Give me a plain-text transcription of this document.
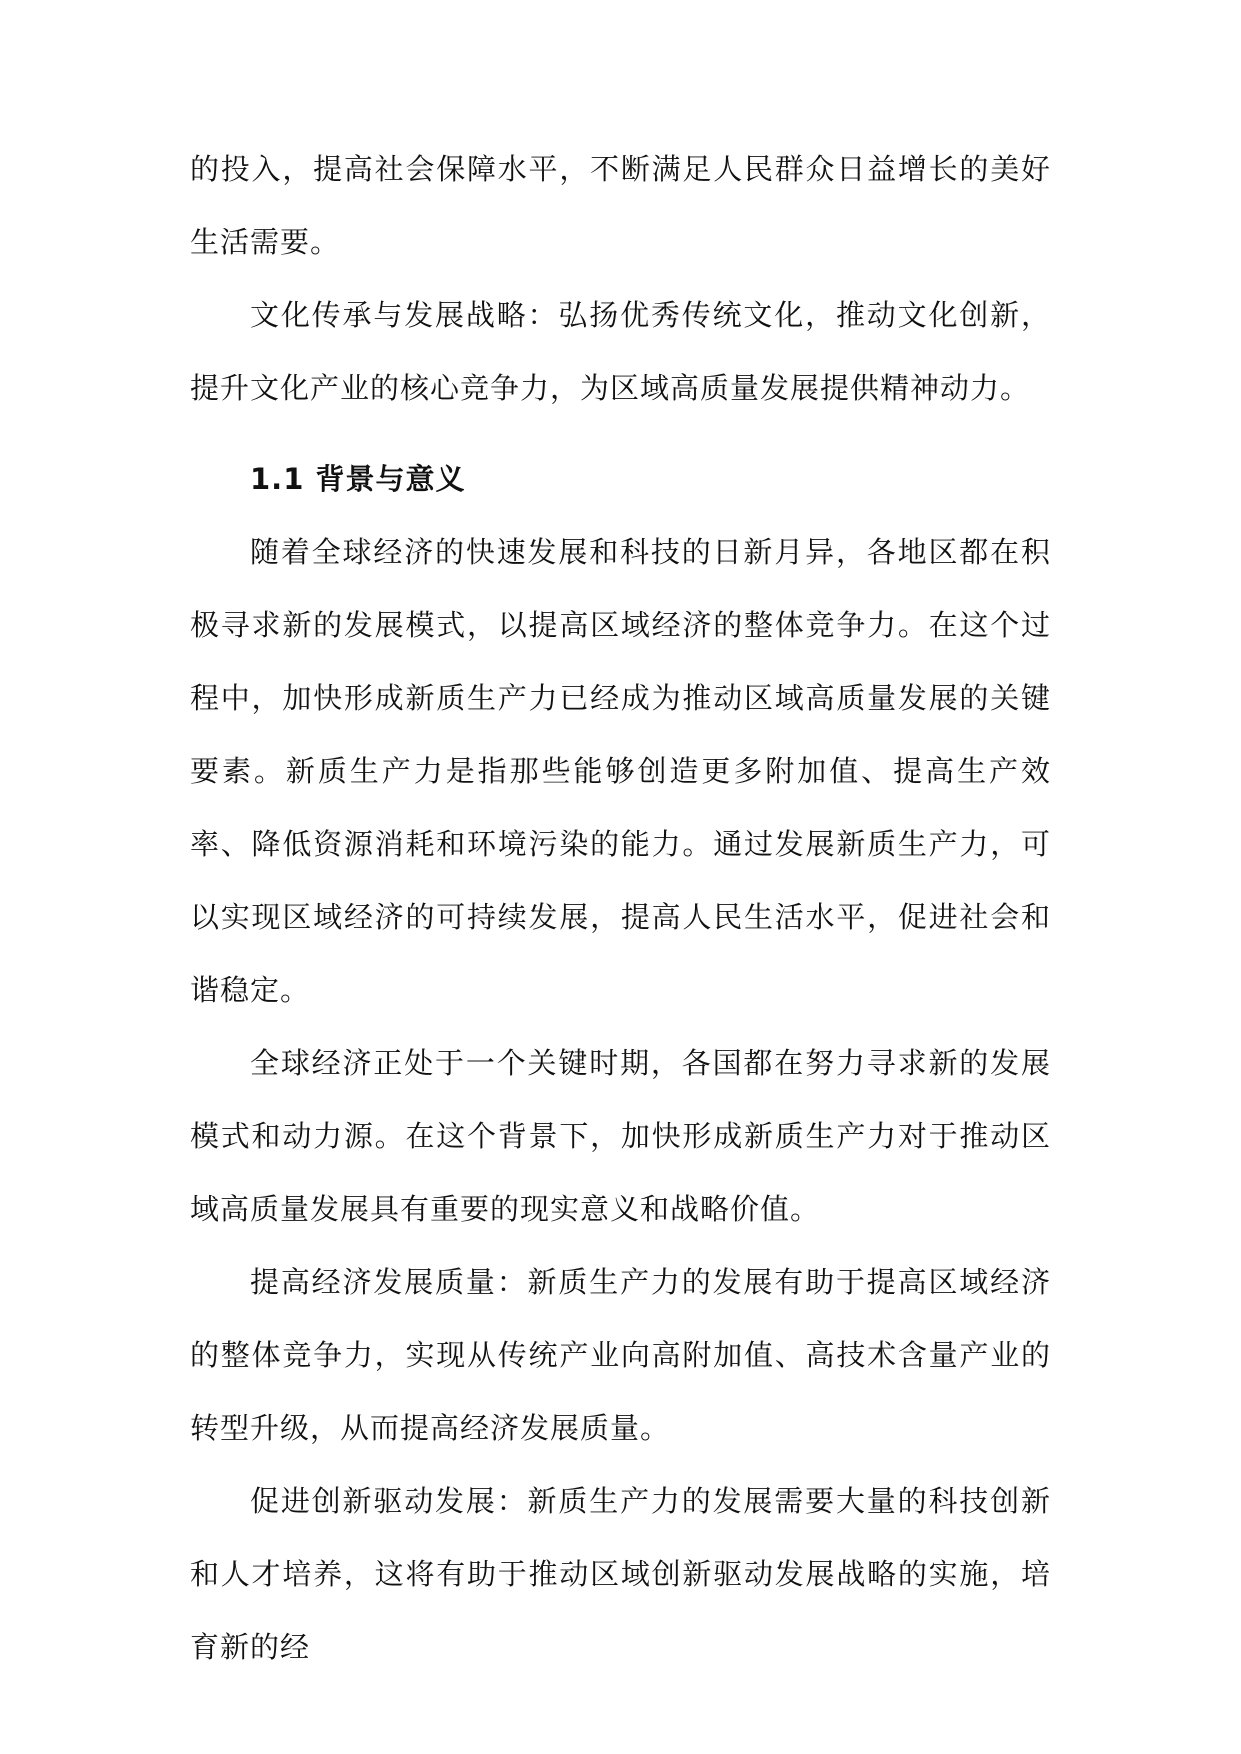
的投入，提高社会保障水平，不断满足人民群众日益增长的美好生活需要。

文化传承与发展战略：弘扬优秀传统文化，推动文化创新，提升文化产业的核心竞争力，为区域高质量发展提供精神动力。

1.1 背景与意义

随着全球经济的快速发展和科技的日新月异，各地区都在积极寻求新的发展模式，以提高区域经济的整体竞争力。在这个过程中，加快形成新质生产力已经成为推动区域高质量发展的关键要素。新质生产力是指那些能够创造更多附加值、提高生产效率、降低资源消耗和环境污染的能力。通过发展新质生产力，可以实现区域经济的可持续发展，提高人民生活水平，促进社会和谐稳定。

全球经济正处于一个关键时期，各国都在努力寻求新的发展模式和动力源。在这个背景下，加快形成新质生产力对于推动区域高质量发展具有重要的现实意义和战略价值。

提高经济发展质量：新质生产力的发展有助于提高区域经济的整体竞争力，实现从传统产业向高附加值、高技术含量产业的转型升级，从而提高经济发展质量。

促进创新驱动发展：新质生产力的发展需要大量的科技创新和人才培养，这将有助于推动区域创新驱动发展战略的实施，培育新的经
